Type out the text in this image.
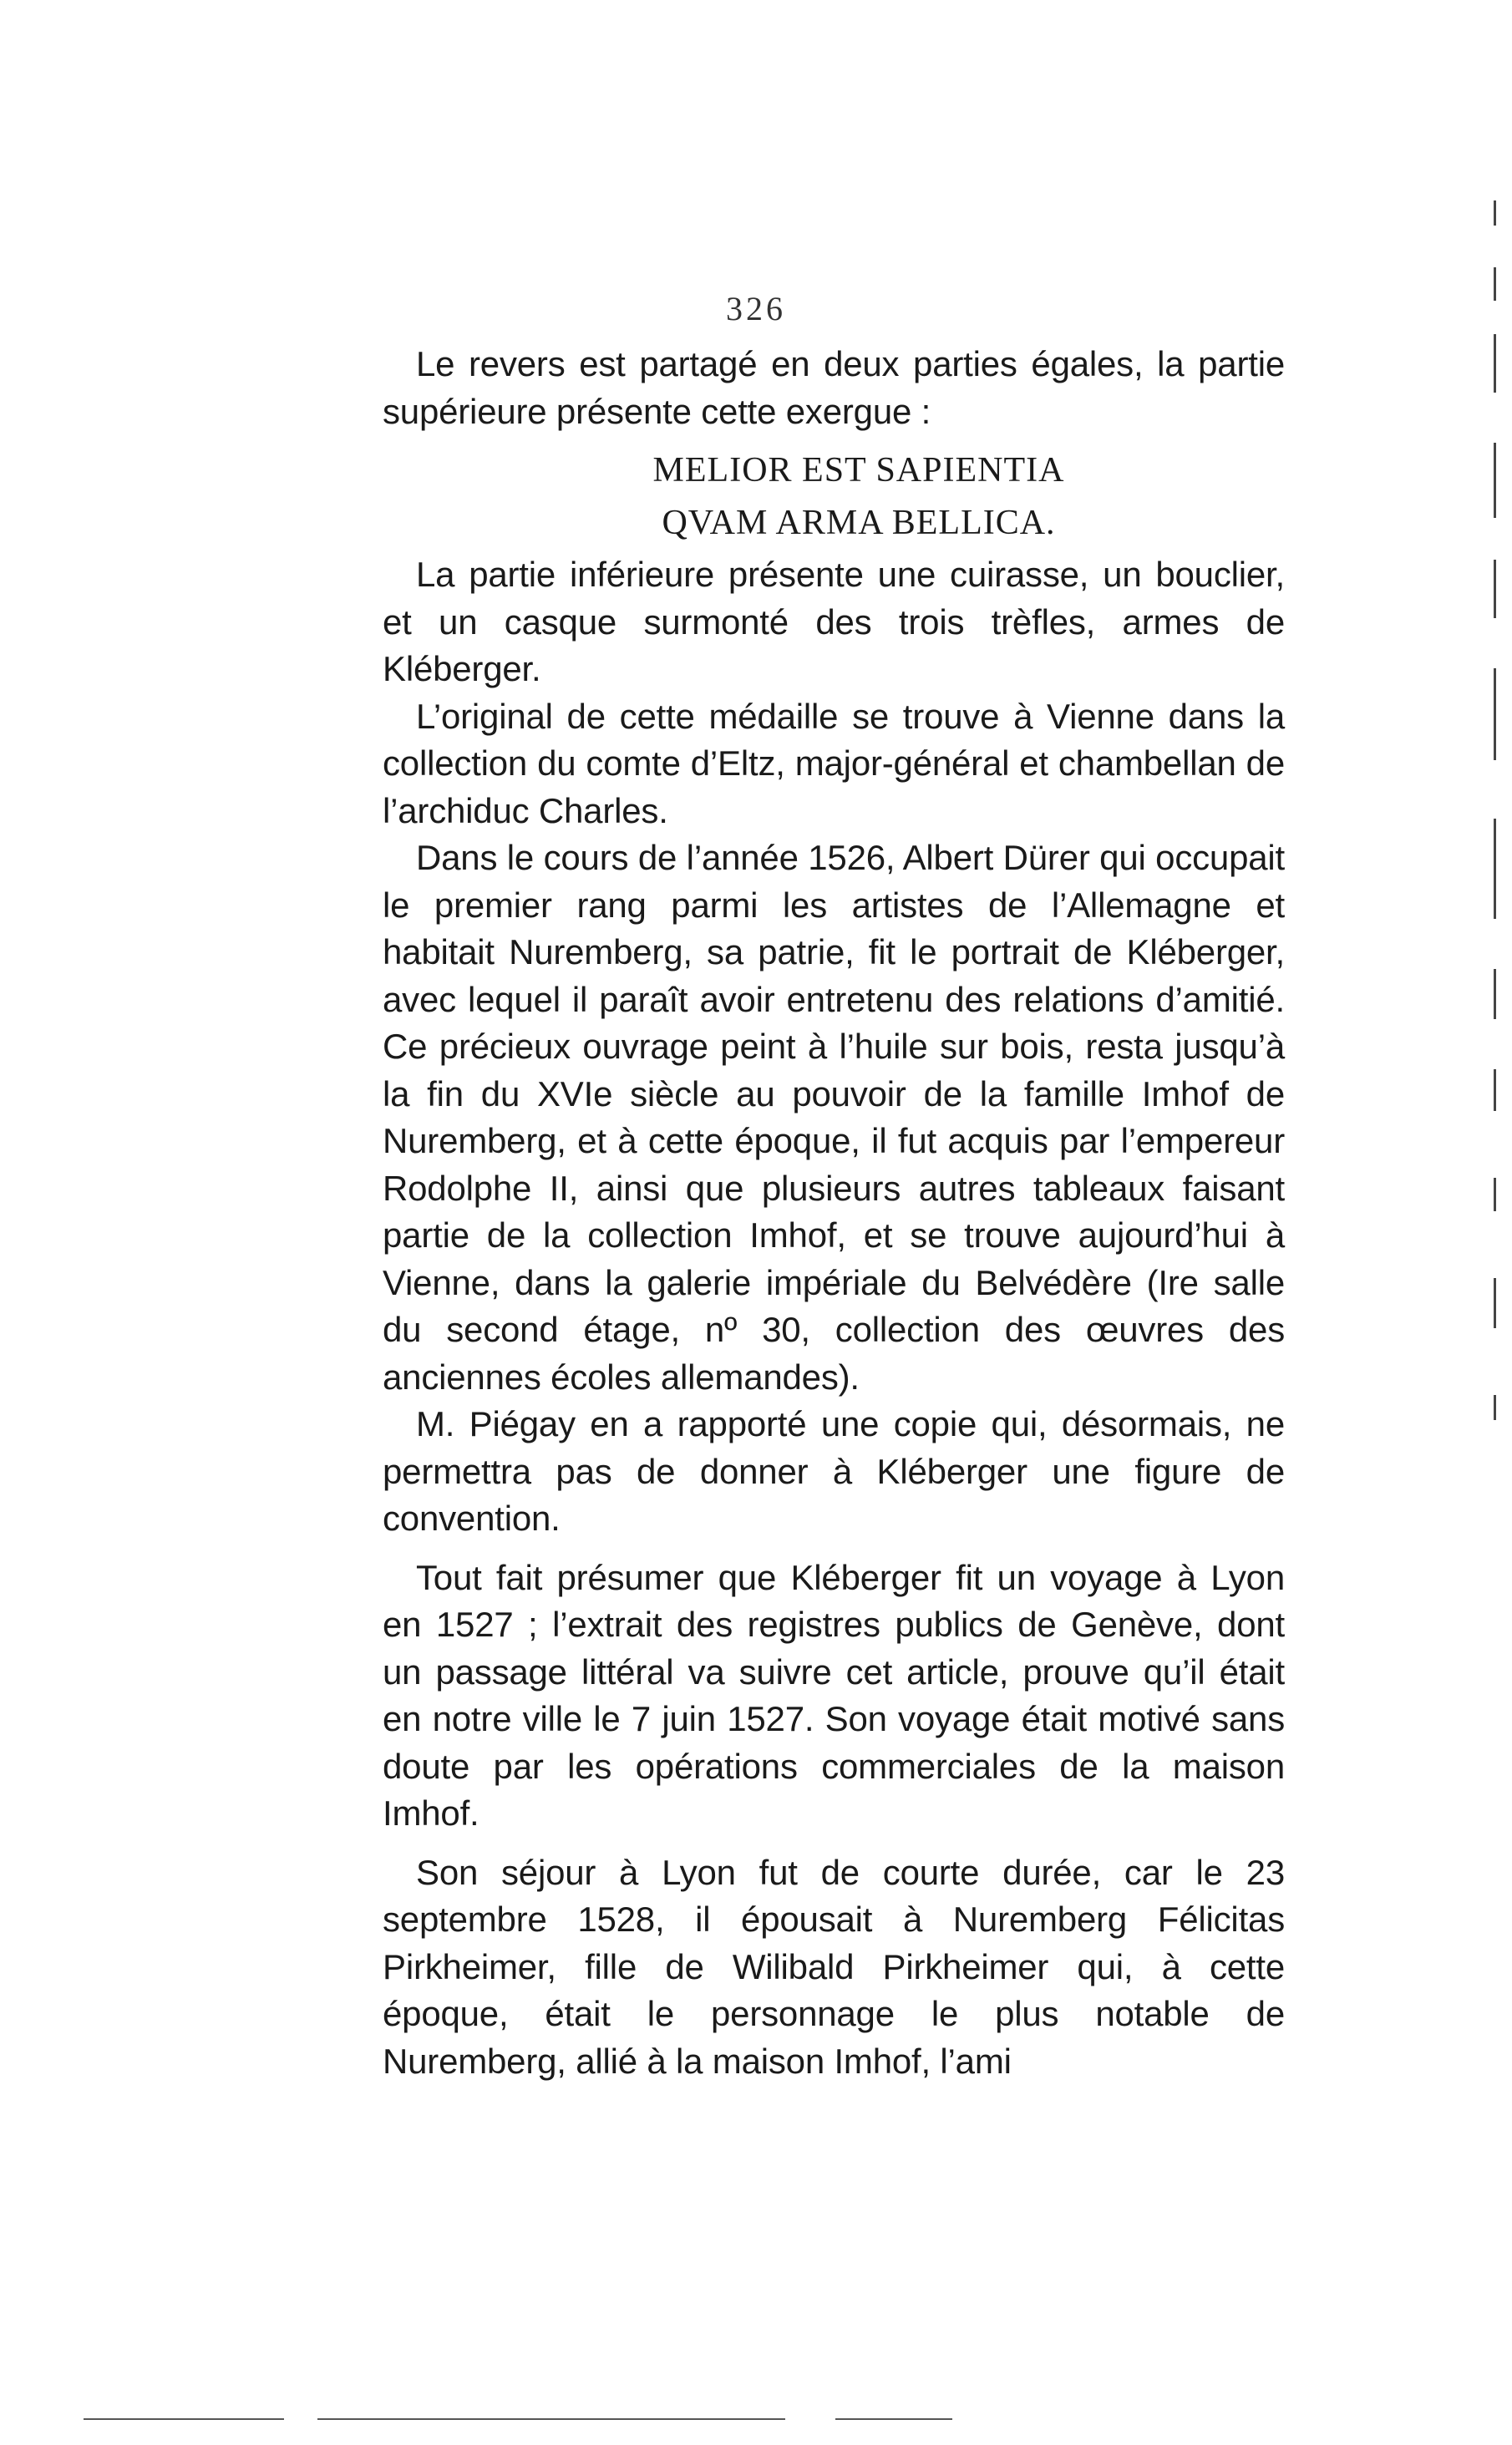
326

Le revers est partagé en deux parties égales, la partie

supérieure présente cette exergue :

MELIOR EST SAPIENTIA

QVAM ARMA BELLICA.

La partie inférieure présente une cuirasse, un bouclier, et un casque surmonté des trois trèfles, armes de Kléberger.

L’original de cette médaille se trouve à Vienne dans la collection du comte d’Eltz, major-général et chambellan de l’archiduc Charles.

Dans le cours de l’année 1526, Albert Dürer qui occupait le premier rang parmi les artistes de l’Allemagne et habitait Nuremberg, sa patrie, fit le portrait de Kléberger, avec lequel il paraît avoir entretenu des relations d’amitié. Ce précieux ouvrage peint à l’huile sur bois, resta jusqu’à la fin du XVIe siècle au pouvoir de la famille Imhof de Nuremberg, et à cette époque, il fut acquis par l’empereur Rodolphe II, ainsi que plusieurs autres tableaux faisant partie de la collection Imhof, et se trouve aujourd’hui à Vienne, dans la galerie impériale du Belvédère (Ire salle du second étage, nº 30, collection des œuvres des anciennes écoles allemandes).

M. Piégay en a rapporté une copie qui, désormais, ne permettra pas de donner à Kléberger une figure de convention.

Tout fait présumer que Kléberger fit un voyage à Lyon en 1527 ; l’extrait des registres publics de Genève, dont un passage littéral va suivre cet article, prouve qu’il était en notre ville le 7 juin 1527. Son voyage était motivé sans doute par les opérations commerciales de la maison Imhof.

Son séjour à Lyon fut de courte durée, car le 23 septembre 1528, il épousait à Nuremberg Félicitas Pirkheimer, fille de Wilibald Pirkheimer qui, à cette époque, était le personnage le plus notable de Nuremberg, allié à la maison Imhof, l’ami
